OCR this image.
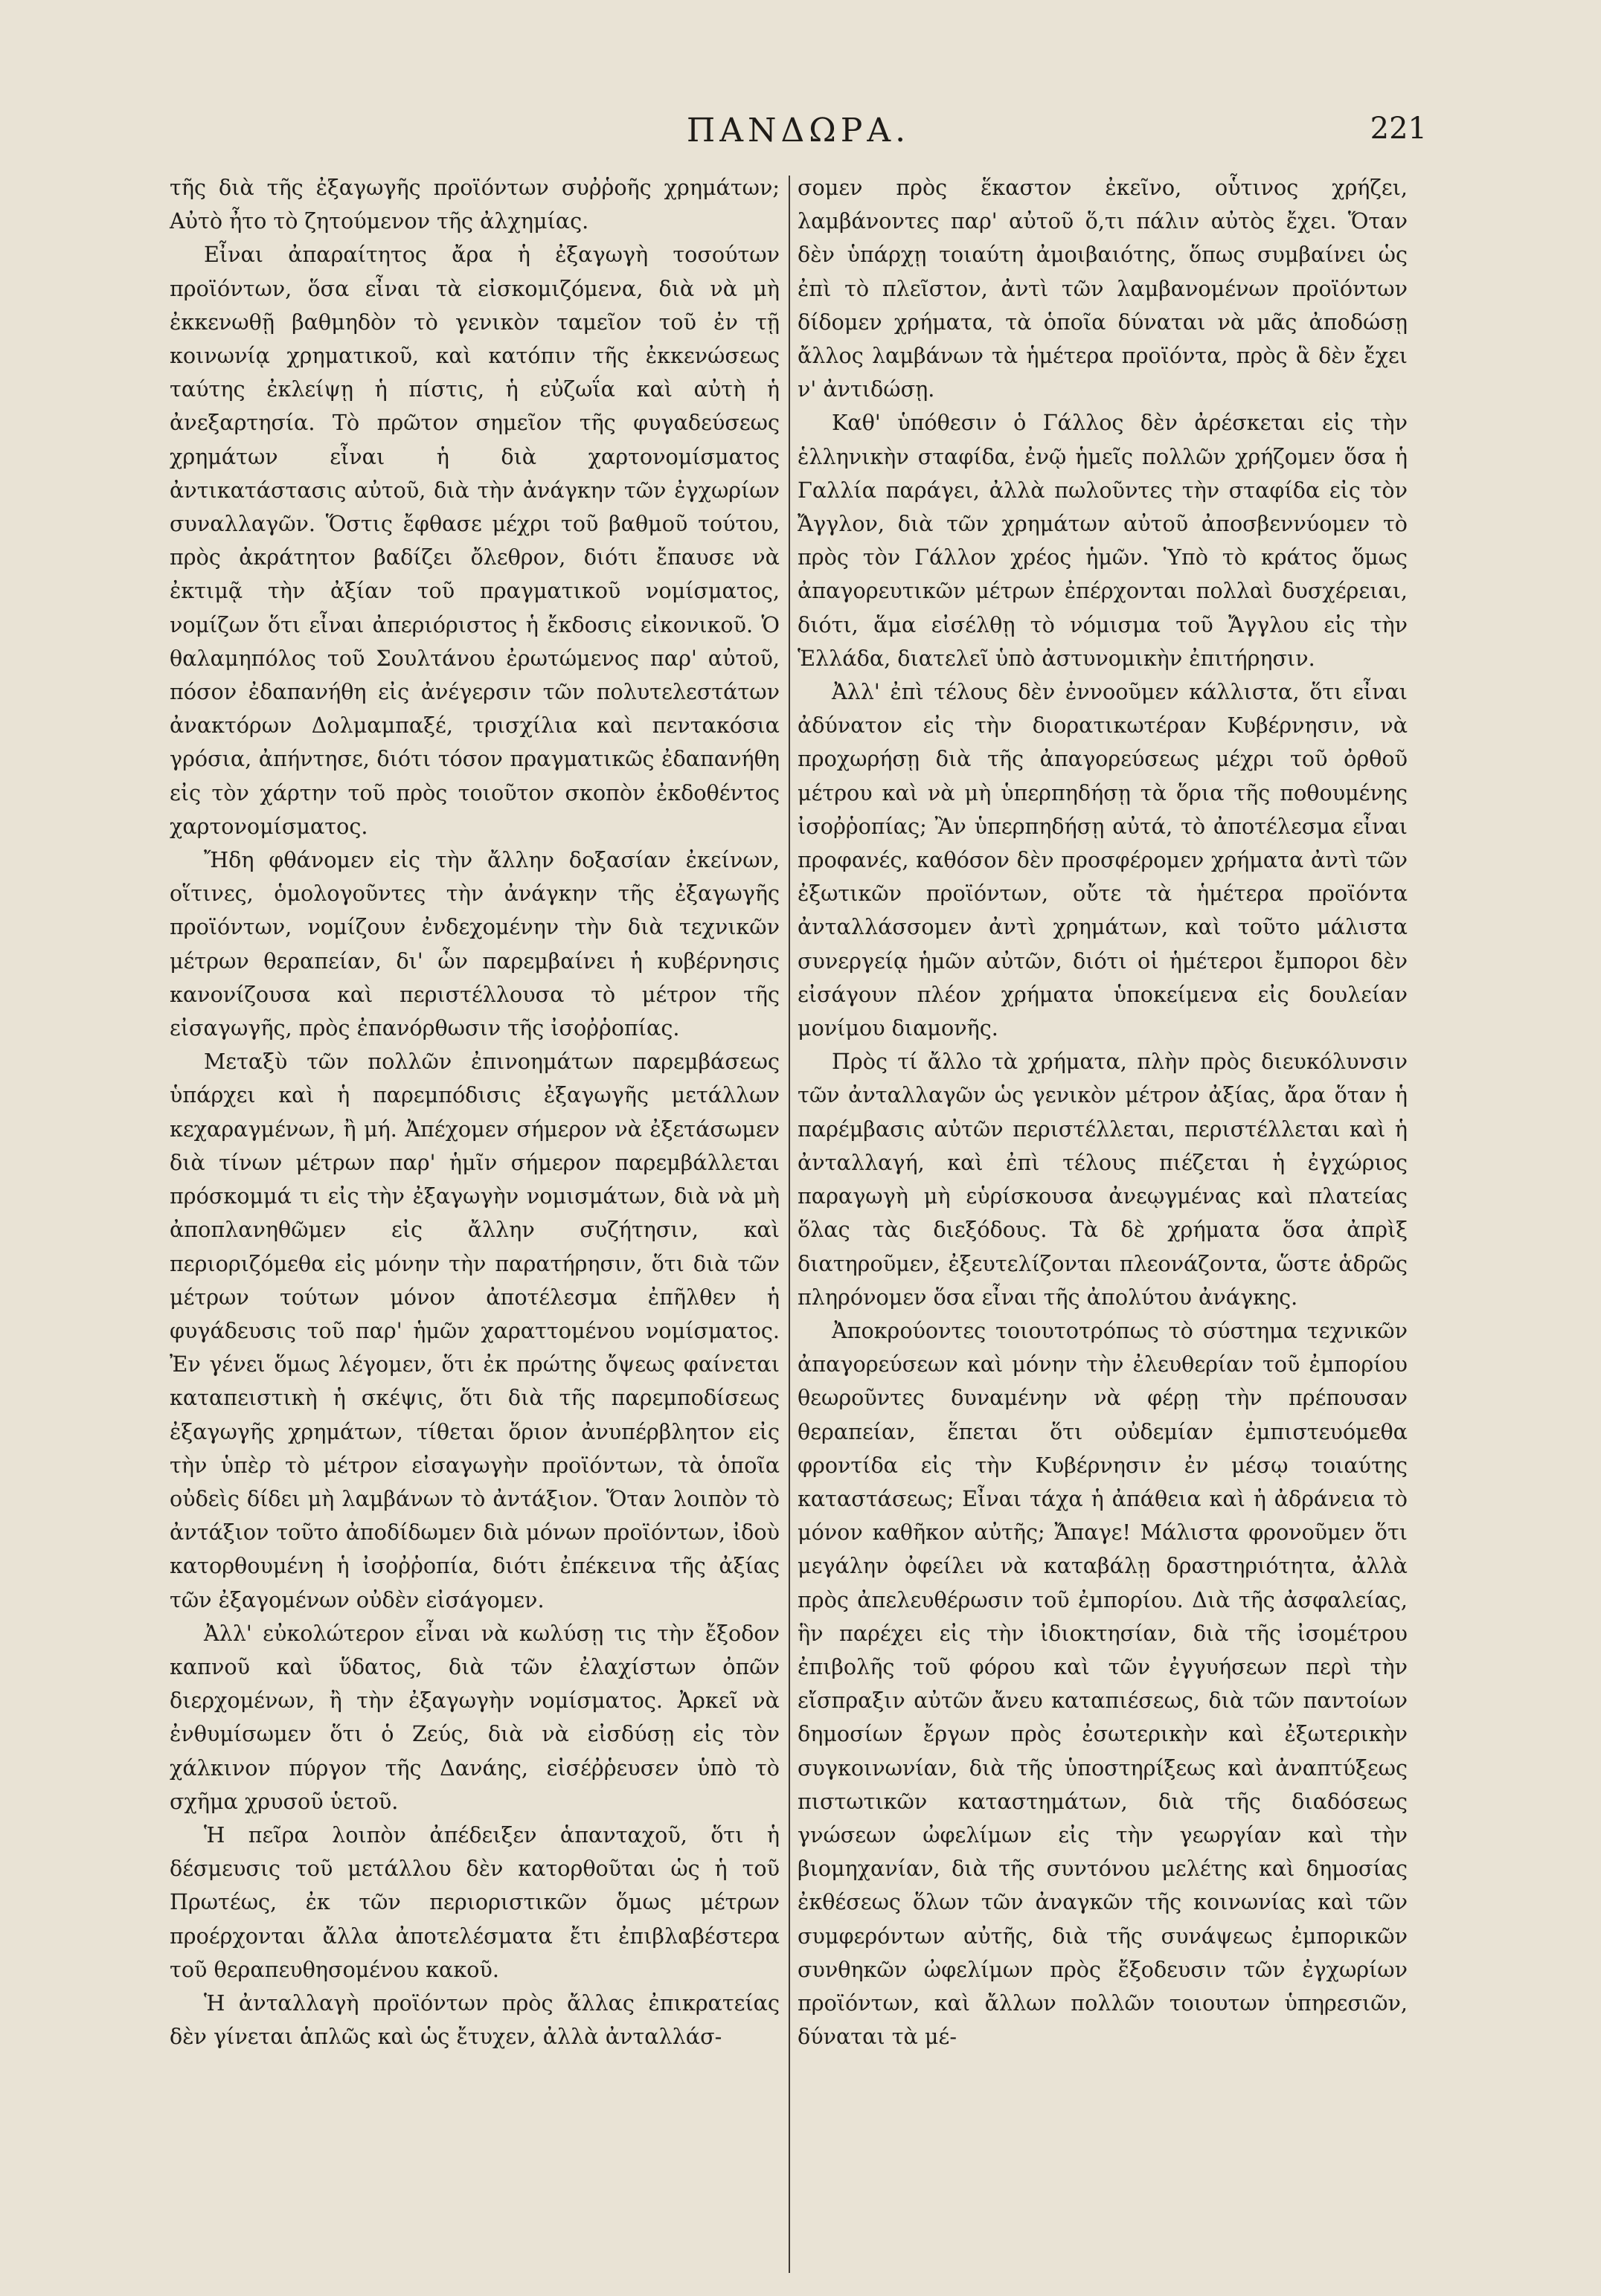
ΠΑΝΔΩΡΑ.	221

τῆς διὰ τῆς ἐξαγωγῆς προϊόντων συῤῥοῆς χρημάτων; Αὐτὸ ἦτο τὸ ζητούμενον τῆς ἀλχημίας.

Εἶναι ἀπαραίτητος ἄρα ἡ ἐξαγωγὴ τοσούτων προϊόντων, ὅσα εἶναι τὰ εἰσκομιζόμενα, διὰ νὰ μὴ ἐκκενωθῇ βαθμηδὸν τὸ γενικὸν ταμεῖον τοῦ ἐν τῇ κοινωνίᾳ χρηματικοῦ, καὶ κατόπιν τῆς ἐκκενώσεως ταύτης ἐκλείψῃ ἡ πίστις, ἡ εὐζωΐα καὶ αὐτὴ ἡ ἀνεξαρτησία. Τὸ πρῶτον σημεῖον τῆς φυγαδεύσεως χρημάτων εἶναι ἡ διὰ χαρτονομίσματος ἀντικατάστασις αὐτοῦ, διὰ τὴν ἀνάγκην τῶν ἐγχωρίων συναλλαγῶν. Ὅστις ἔφθασε μέχρι τοῦ βαθμοῦ τούτου, πρὸς ἀκράτητον βαδίζει ὄλεθρον, διότι ἔπαυσε νὰ ἐκτιμᾷ τὴν ἀξίαν τοῦ πραγματικοῦ νομίσματος, νομίζων ὅτι εἶναι ἀπεριόριστος ἡ ἔκδοσις εἰκονικοῦ. Ὁ θαλαμηπόλος τοῦ Σουλτάνου ἐρωτώμενος παρ' αὐτοῦ, πόσον ἐδαπανήθη εἰς ἀνέγερσιν τῶν πολυτελεστάτων ἀνακτόρων Δολμαμπαξέ, τρισχίλια καὶ πεντακόσια γρόσια, ἀπήντησε, διότι τόσον πραγματικῶς ἐδαπανήθη εἰς τὸν χάρτην τοῦ πρὸς τοιοῦτον σκοπὸν ἐκδοθέντος χαρτονομίσματος.

Ἤδη φθάνομεν εἰς τὴν ἄλλην δοξασίαν ἐκείνων, οἵτινες, ὁμολογοῦντες τὴν ἀνάγκην τῆς ἐξαγωγῆς προϊόντων, νομίζουν ἐνδεχομένην τὴν διὰ τεχνικῶν μέτρων θεραπείαν, δι' ὧν παρεμβαίνει ἡ κυβέρνησις κανονίζουσα καὶ περιστέλλουσα τὸ μέτρον τῆς εἰσαγωγῆς, πρὸς ἐπανόρθωσιν τῆς ἰσοῤῥοπίας.

Μεταξὺ τῶν πολλῶν ἐπινοημάτων παρεμβάσεως ὑπάρχει καὶ ἡ παρεμπόδισις ἐξαγωγῆς μετάλλων κεχαραγμένων, ἢ μή. Ἀπέχομεν σήμερον νὰ ἐξετάσωμεν διὰ τίνων μέτρων παρ' ἡμῖν σήμερον παρεμβάλλεται πρόσκομμά τι εἰς τὴν ἐξαγωγὴν νομισμάτων, διὰ νὰ μὴ ἀποπλανηθῶμεν εἰς ἄλλην συζήτησιν, καὶ περιοριζόμεθα εἰς μόνην τὴν παρατήρησιν, ὅτι διὰ τῶν μέτρων τούτων μόνον ἀποτέλεσμα ἐπῆλθεν ἡ φυγάδευσις τοῦ παρ' ἡμῶν χαραττομένου νομίσματος. Ἐν γένει ὅμως λέγομεν, ὅτι ἐκ πρώτης ὄψεως φαίνεται καταπειστικὴ ἡ σκέψις, ὅτι διὰ τῆς παρεμποδίσεως ἐξαγωγῆς χρημάτων, τίθεται ὅριον ἀνυπέρβλητον εἰς τὴν ὑπὲρ τὸ μέτρον εἰσαγωγὴν προϊόντων, τὰ ὁποῖα οὐδεὶς δίδει μὴ λαμβάνων τὸ ἀντάξιον. Ὅταν λοιπὸν τὸ ἀντάξιον τοῦτο ἀποδίδωμεν διὰ μόνων προϊόντων, ἰδοὺ κατορθουμένη ἡ ἰσοῤῥοπία, διότι ἐπέκεινα τῆς ἀξίας τῶν ἐξαγομένων οὐδὲν εἰσάγομεν.

Ἀλλ' εὐκολώτερον εἶναι νὰ κωλύσῃ τις τὴν ἔξοδον καπνοῦ καὶ ὕδατος, διὰ τῶν ἐλαχίστων ὀπῶν διερχομένων, ἢ τὴν ἐξαγωγὴν νομίσματος. Ἀρκεῖ νὰ ἐνθυμίσωμεν ὅτι ὁ Ζεύς, διὰ νὰ εἰσδύσῃ εἰς τὸν χάλκινον πύργον τῆς Δανάης, εἰσέῤῥευσεν ὑπὸ τὸ σχῆμα χρυσοῦ ὑετοῦ.

Ἡ πεῖρα λοιπὸν ἀπέδειξεν ἁπανταχοῦ, ὅτι ἡ δέσμευσις τοῦ μετάλλου δὲν κατορθοῦται ὡς ἡ τοῦ Πρωτέως, ἐκ τῶν περιοριστικῶν ὅμως μέτρων προέρχονται ἄλλα ἀποτελέσματα ἔτι ἐπιβλαβέστερα τοῦ θεραπευθησομένου κακοῦ.

Ἡ ἀνταλλαγὴ προϊόντων πρὸς ἄλλας ἐπικρατείας δὲν γίνεται ἁπλῶς καὶ ὡς ἔτυχεν, ἀλλὰ ἀνταλλάσ-

σομεν πρὸς ἕκαστον ἐκεῖνο, οὗτινος χρήζει, λαμβάνοντες παρ' αὐτοῦ ὅ,τι πάλιν αὐτὸς ἔχει. Ὅταν δὲν ὑπάρχῃ τοιαύτη ἀμοιβαιότης, ὅπως συμβαίνει ὡς ἐπὶ τὸ πλεῖστον, ἀντὶ τῶν λαμβανομένων προϊόντων δίδομεν χρήματα, τὰ ὁποῖα δύναται νὰ μᾶς ἀποδώσῃ ἄλλος λαμβάνων τὰ ἡμέτερα προϊόντα, πρὸς ἃ δὲν ἔχει ν' ἀντιδώσῃ.

Καθ' ὑπόθεσιν ὁ Γάλλος δὲν ἀρέσκεται εἰς τὴν ἑλληνικὴν σταφίδα, ἐνῷ ἡμεῖς πολλῶν χρήζομεν ὅσα ἡ Γαλλία παράγει, ἀλλὰ πωλοῦντες τὴν σταφίδα εἰς τὸν Ἄγγλον, διὰ τῶν χρημάτων αὐτοῦ ἀποσβεννύομεν τὸ πρὸς τὸν Γάλλον χρέος ἡμῶν. Ὑπὸ τὸ κράτος ὅμως ἀπαγορευτικῶν μέτρων ἐπέρχονται πολλαὶ δυσχέρειαι, διότι, ἅμα εἰσέλθῃ τὸ νόμισμα τοῦ Ἄγγλου εἰς τὴν Ἑλλάδα, διατελεῖ ὑπὸ ἀστυνομικὴν ἐπιτήρησιν.

Ἀλλ' ἐπὶ τέλους δὲν ἐννοοῦμεν κάλλιστα, ὅτι εἶναι ἀδύνατον εἰς τὴν διορατικωτέραν Κυβέρνησιν, νὰ προχωρήσῃ διὰ τῆς ἀπαγορεύσεως μέχρι τοῦ ὀρθοῦ μέτρου καὶ νὰ μὴ ὑπερπηδήσῃ τὰ ὅρια τῆς ποθουμένης ἰσοῤῥοπίας; Ἂν ὑπερπηδήσῃ αὐτά, τὸ ἀποτέλεσμα εἶναι προφανές, καθόσον δὲν προσφέρομεν χρήματα ἀντὶ τῶν ἐξωτικῶν προϊόντων, οὔτε τὰ ἡμέτερα προϊόντα ἀνταλλάσσομεν ἀντὶ χρημάτων, καὶ τοῦτο μάλιστα συνεργείᾳ ἡμῶν αὐτῶν, διότι οἱ ἡμέτεροι ἔμποροι δὲν εἰσάγουν πλέον χρήματα ὑποκείμενα εἰς δουλείαν μονίμου διαμονῆς.

Πρὸς τί ἄλλο τὰ χρήματα, πλὴν πρὸς διευκόλυνσιν τῶν ἀνταλλαγῶν ὡς γενικὸν μέτρον ἀξίας, ἄρα ὅταν ἡ παρέμβασις αὐτῶν περιστέλλεται, περιστέλλεται καὶ ἡ ἀνταλλαγή, καὶ ἐπὶ τέλους πιέζεται ἡ ἐγχώριος παραγωγὴ μὴ εὑρίσκουσα ἀνεῳγμένας καὶ πλατείας ὅλας τὰς διεξόδους. Τὰ δὲ χρήματα ὅσα ἀπρὶξ διατηροῦμεν, ἐξευτελίζονται πλεονάζοντα, ὥστε ἁδρῶς πληρόνομεν ὅσα εἶναι τῆς ἀπολύτου ἀνάγκης.

Ἀποκρούοντες τοιουτοτρόπως τὸ σύστημα τεχνικῶν ἀπαγορεύσεων καὶ μόνην τὴν ἐλευθερίαν τοῦ ἐμπορίου θεωροῦντες δυναμένην νὰ φέρῃ τὴν πρέπουσαν θεραπείαν, ἕπεται ὅτι οὐδεμίαν ἐμπιστευόμεθα φροντίδα εἰς τὴν Κυβέρνησιν ἐν μέσῳ τοιαύτης καταστάσεως; Εἶναι τάχα ἡ ἀπάθεια καὶ ἡ ἀδράνεια τὸ μόνον καθῆκον αὐτῆς; Ἄπαγε! Μάλιστα φρονοῦμεν ὅτι μεγάλην ὀφείλει νὰ καταβάλῃ δραστηριότητα, ἀλλὰ πρὸς ἀπελευθέρωσιν τοῦ ἐμπορίου. Διὰ τῆς ἀσφαλείας, ἣν παρέχει εἰς τὴν ἰδιοκτησίαν, διὰ τῆς ἰσομέτρου ἐπιβολῆς τοῦ φόρου καὶ τῶν ἐγγυήσεων περὶ τὴν εἴσπραξιν αὐτῶν ἄνευ καταπιέσεως, διὰ τῶν παντοίων δημοσίων ἔργων πρὸς ἐσωτερικὴν καὶ ἐξωτερικὴν συγκοινωνίαν, διὰ τῆς ὑποστηρίξεως καὶ ἀναπτύξεως πιστωτικῶν καταστημάτων, διὰ τῆς διαδόσεως γνώσεων ὠφελίμων εἰς τὴν γεωργίαν καὶ τὴν βιομηχανίαν, διὰ τῆς συντόνου μελέτης καὶ δημοσίας ἐκθέσεως ὅλων τῶν ἀναγκῶν τῆς κοινωνίας καὶ τῶν συμφερόντων αὐτῆς, διὰ τῆς συνάψεως ἐμπορικῶν συνθηκῶν ὠφελίμων πρὸς ἔξοδευσιν τῶν ἐγχωρίων προϊόντων, καὶ ἄλλων πολλῶν τοιουτων ὑπηρεσιῶν, δύναται τὰ μέ-
